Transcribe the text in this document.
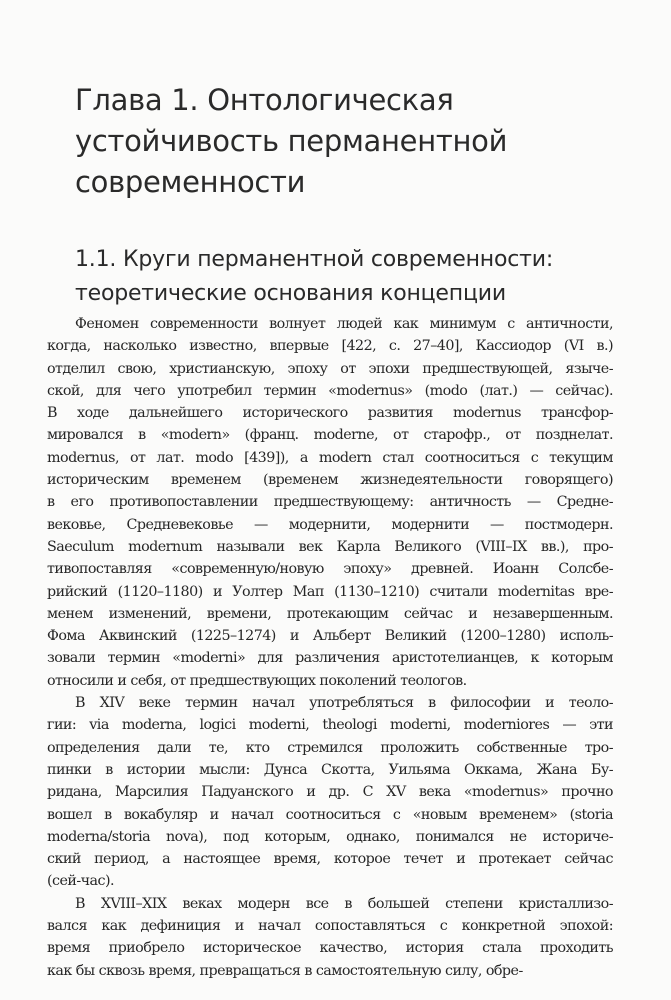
Глава 1. Онтологическая
устойчивость перманентной
современности
1.1. Круги перманентной современности:
теоретические основания концепции
Феномен современности волнует людей как минимум с античности,
когда, насколько известно, впервые [422, с. 27–40], Кассиодор (VI в.)
отделил свою, христианскую, эпоху от эпохи предшествующей, языче-
ской, для чего употребил термин «modernus» (modo (лат.) — сейчас).
В ходе дальнейшего исторического развития modernus трансфор-
мировался в «modern» (франц. moderne, от старофр., от позднелат.
modernus, от лат. modo [439]), а modern стал соотноситься с текущим
историческим временем (временем жизнедеятельности говорящего)
в его противопоставлении предшествующему: античность — Средне-
вековье, Средневековье — модернити, модернити — постмодерн.
Saeculum modernum называли век Карла Великого (VIII–IX вв.), про-
тивопоставляя «современную/новую эпоху» древней. Иоанн Солсбе-
рийский (1120–1180) и Уолтер Мап (1130–1210) считали modernitas вре-
менем изменений, времени, протекающим сейчас и незавершенным.
Фома Аквинский (1225–1274) и Альберт Великий (1200–1280) исполь-
зовали термин «moderni» для различения аристотелианцев, к которым
относили и себя, от предшествующих поколений теологов.
В XIV веке термин начал употребляться в философии и теоло-
гии: via moderna, logici moderni, theologi moderni, moderniores — эти
определения дали те, кто стремился проложить собственные тро-
пинки в истории мысли: Дунса Скотта, Уильяма Оккама, Жана Бу-
ридана, Марсилия Падуанского и др. С XV века «modernus» прочно
вошел в вокабуляр и начал соотноситься с «новым временем» (storia
moderna/storia nova), под которым, однако, понимался не историче-
ский период, а настоящее время, которое течет и протекает сейчас
(сей-час).
В XVIII–XIX веках модерн все в большей степени кристаллизо-
вался как дефиниция и начал сопоставляться с конкретной эпохой:
время приобрело историческое качество, история стала проходить
как бы сквозь время, превращаться в самостоятельную силу, обре-
